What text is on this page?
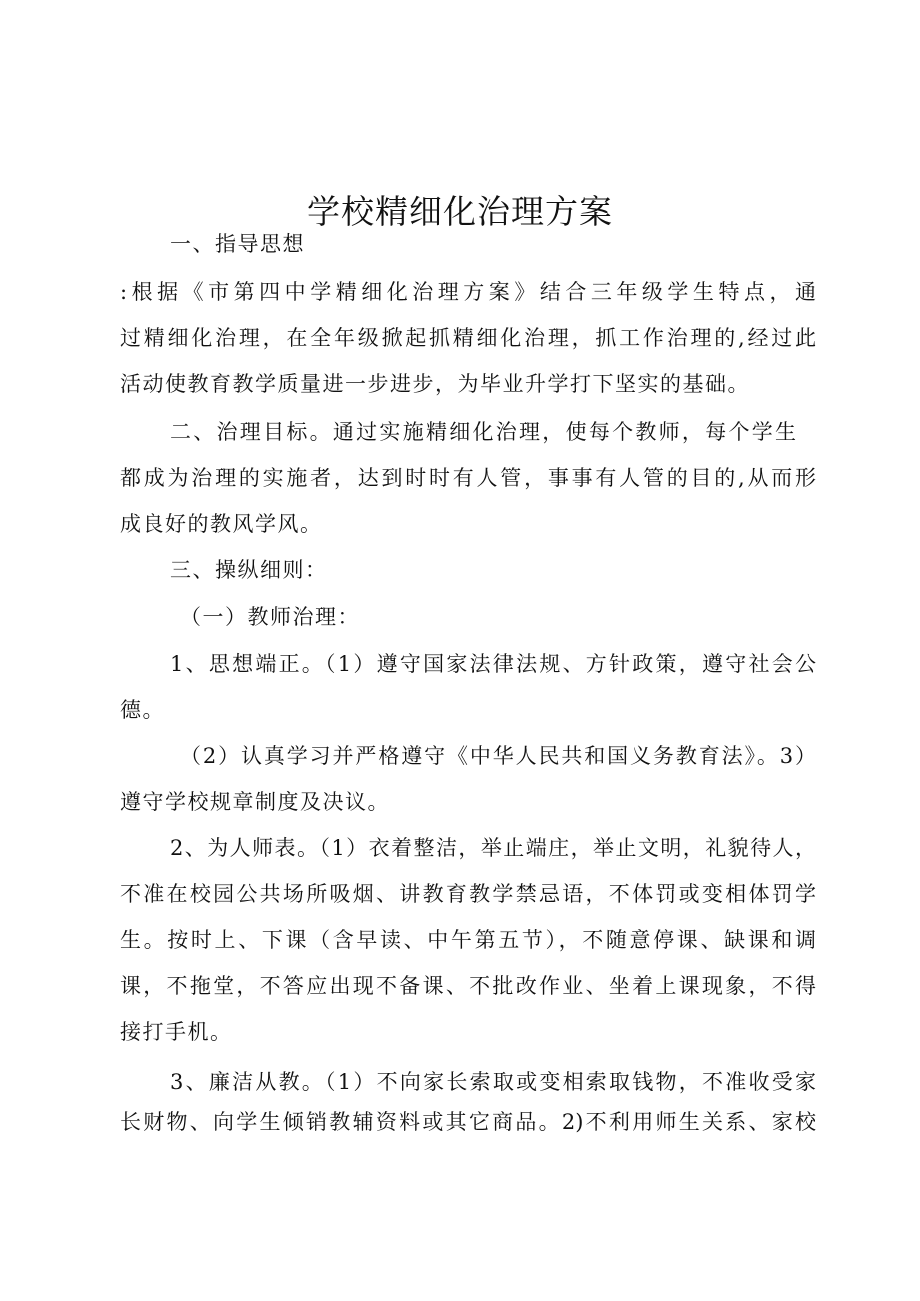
学校精细化治理方案
一、指导思想
:根据《市第四中学精细化治理方案》结合三年级学生特点，通
过精细化治理，在全年级掀起抓精细化治理，抓工作治理的,经过此
活动使教育教学质量进一步进步，为毕业升学打下坚实的基础。
二、治理目标。通过实施精细化治理，使每个教师，每个学生
都成为治理的实施者，达到时时有人管，事事有人管的目的,从而形
成良好的教风学风。
三、操纵细则：
（一）教师治理：
1、思想端正。（1）遵守国家法律法规、方针政策，遵守社会公
德。
（2）认真学习并严格遵守《中华人民共和国义务教育法》。3）
遵守学校规章制度及决议。
2、为人师表。（1）衣着整洁，举止端庄，举止文明，礼貌待人，
不准在校园公共场所吸烟、讲教育教学禁忌语，不体罚或变相体罚学
生。按时上、下课（含早读、中午第五节），不随意停课、缺课和调
课，不拖堂，不答应出现不备课、不批改作业、坐着上课现象，不得
接打手机。
3、廉洁从教。（1）不向家长索取或变相索取钱物，不准收受家
长财物、向学生倾销教辅资料或其它商品。2)不利用师生关系、家校
